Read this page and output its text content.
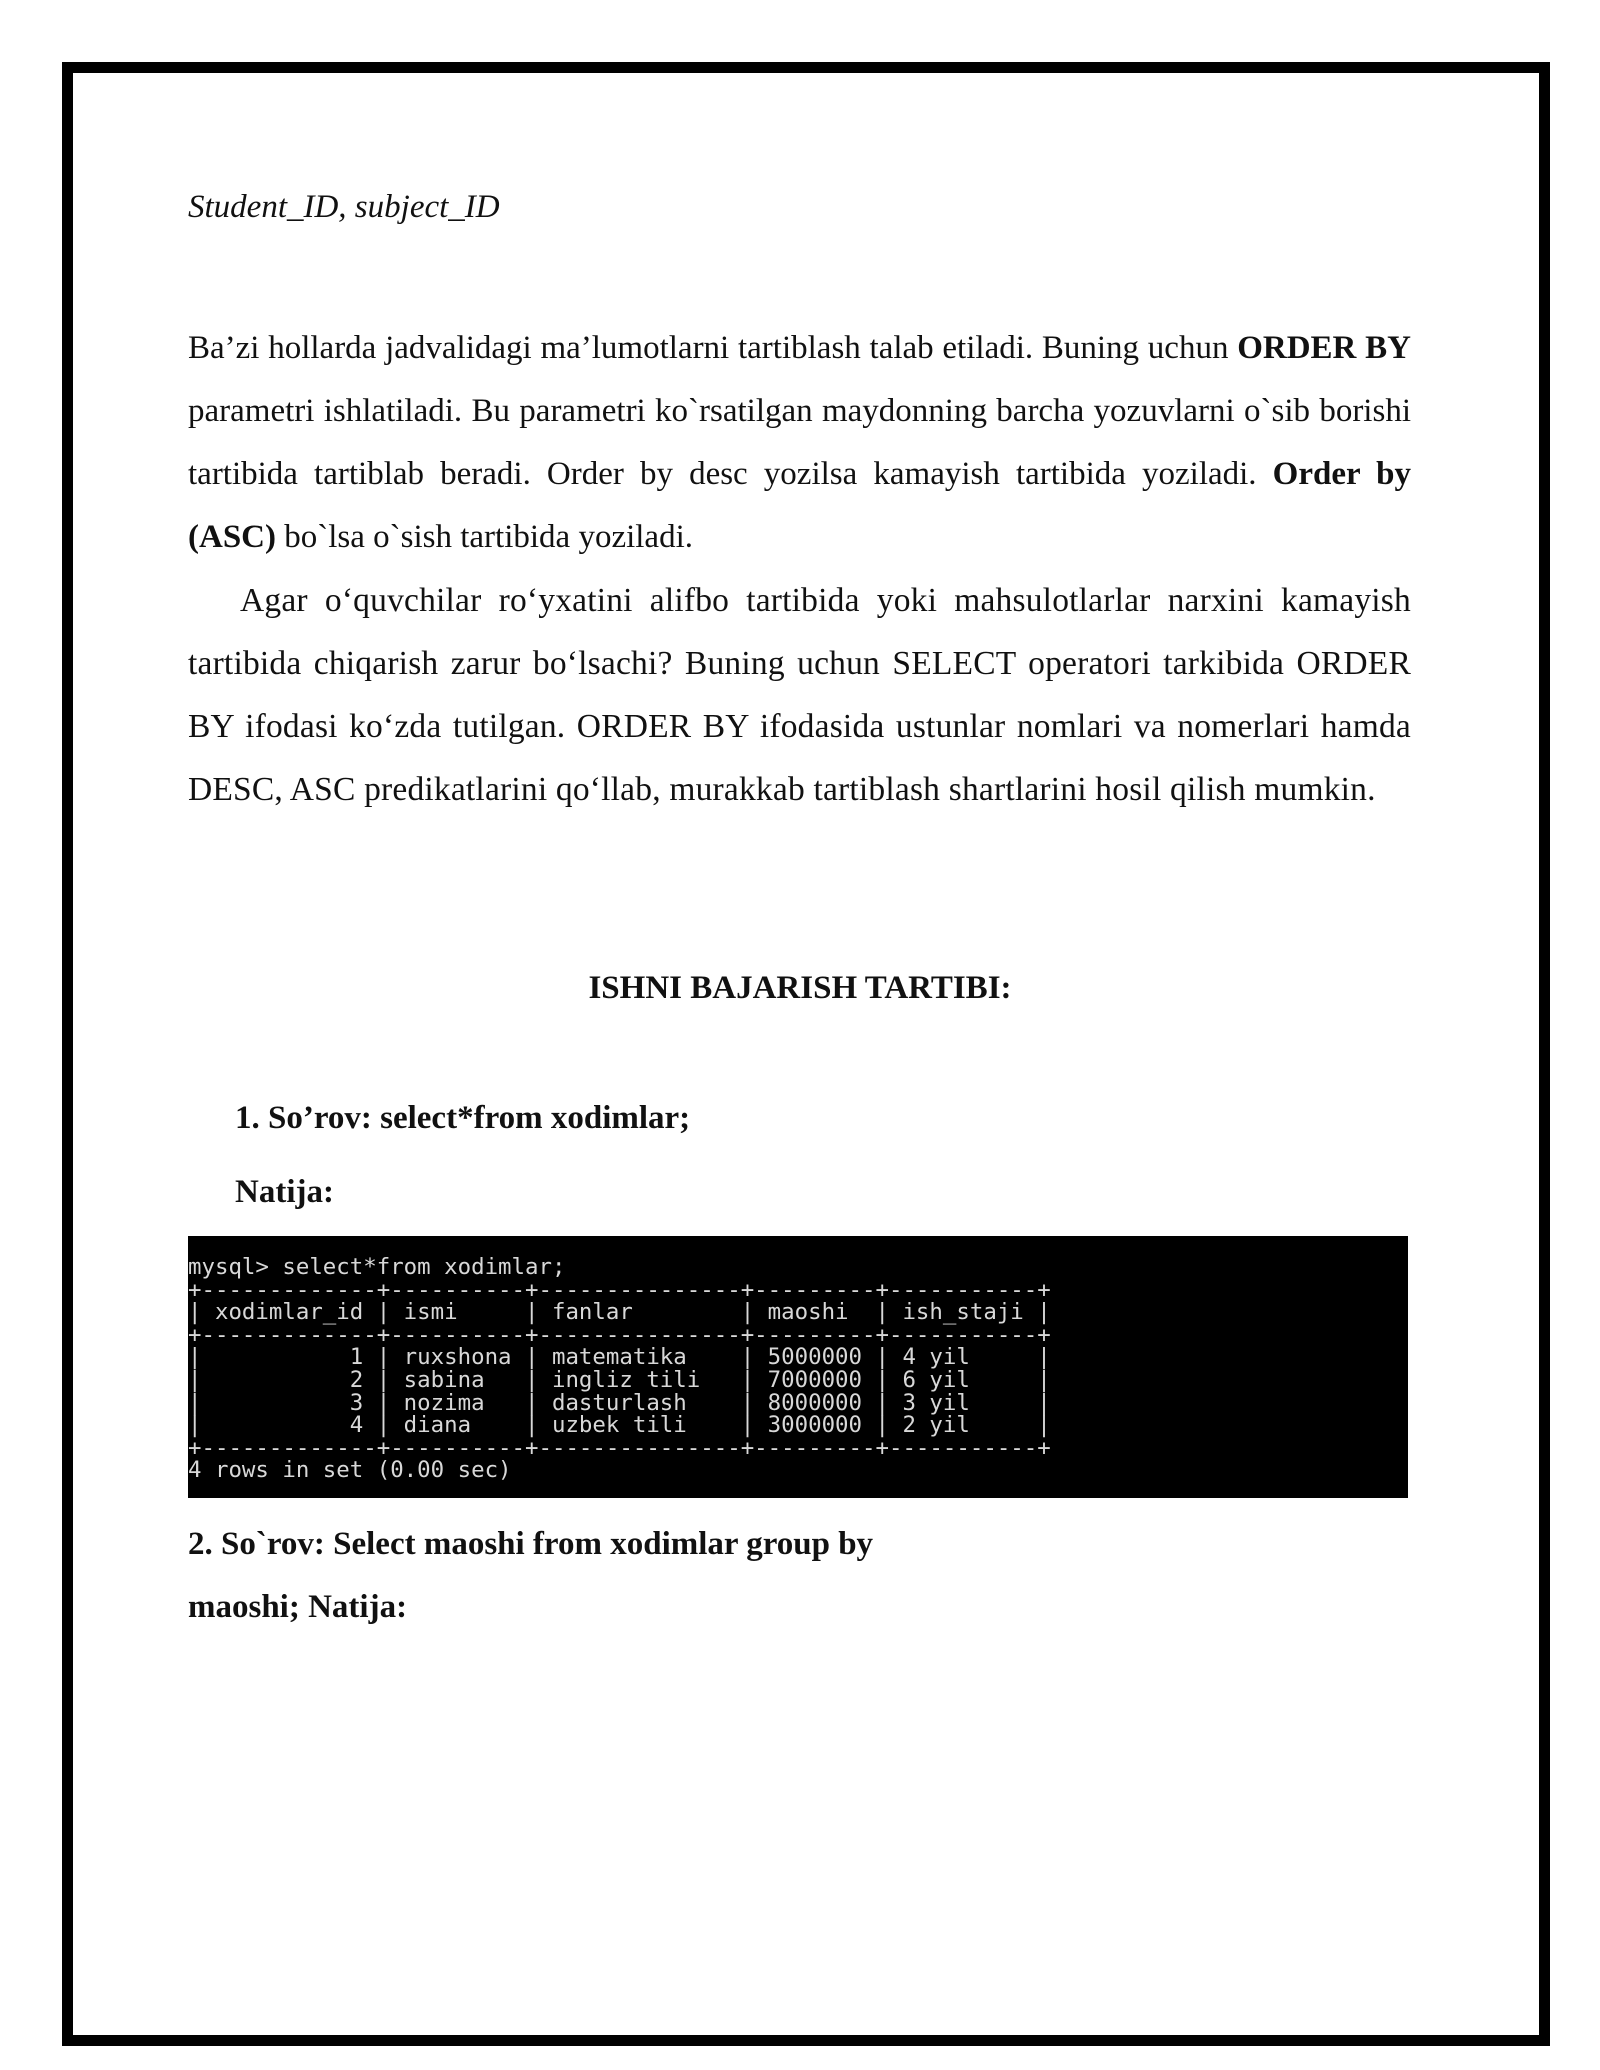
Student_ID, subject_ID

Ba’zi hollarda jadvalidagi ma’lumotlarni tartiblash talab etiladi. Buning uchun ORDER BY parametri ishlatiladi. Bu parametri ko`rsatilgan maydonning barcha yozuvlarni o`sib borishi tartibida tartiblab beradi. Order by desc yozilsa kamayish tartibida yoziladi. Order by (ASC) bo`lsa o`sish tartibida yoziladi.

Agar o‘quvchilar ro‘yxatini alifbo tartibida yoki mahsulotlarlar narxini kamayish tartibida chiqarish zarur bo‘lsachi? Buning uchun SELECT operatori tarkibida ORDER BY ifodasi ko‘zda tutilgan. ORDER BY ifodasida ustunlar nomlari va nomerlari hamda DESC, ASC predikatlarini qo‘llab, murakkab tartiblash shartlarini hosil qilish mumkin.

ISHNI BAJARISH TARTIBI:

1. So’rov: select*from xodimlar;

Natija:

mysql> select*from xodimlar;
+-------------+----------+---------------+---------+-----------+
| xodimlar_id | ismi     | fanlar        | maoshi  | ish_staji |
+-------------+----------+---------------+---------+-----------+
|           1 | ruxshona | matematika    | 5000000 | 4 yil     |
|           2 | sabina   | ingliz tili   | 7000000 | 6 yil     |
|           3 | nozima   | dasturlash    | 8000000 | 3 yil     |
|           4 | diana    | uzbek tili    | 3000000 | 2 yil     |
+-------------+----------+---------------+---------+-----------+
4 rows in set (0.00 sec)

2. So`rov: Select maoshi from xodimlar group by

maoshi; Natija:
